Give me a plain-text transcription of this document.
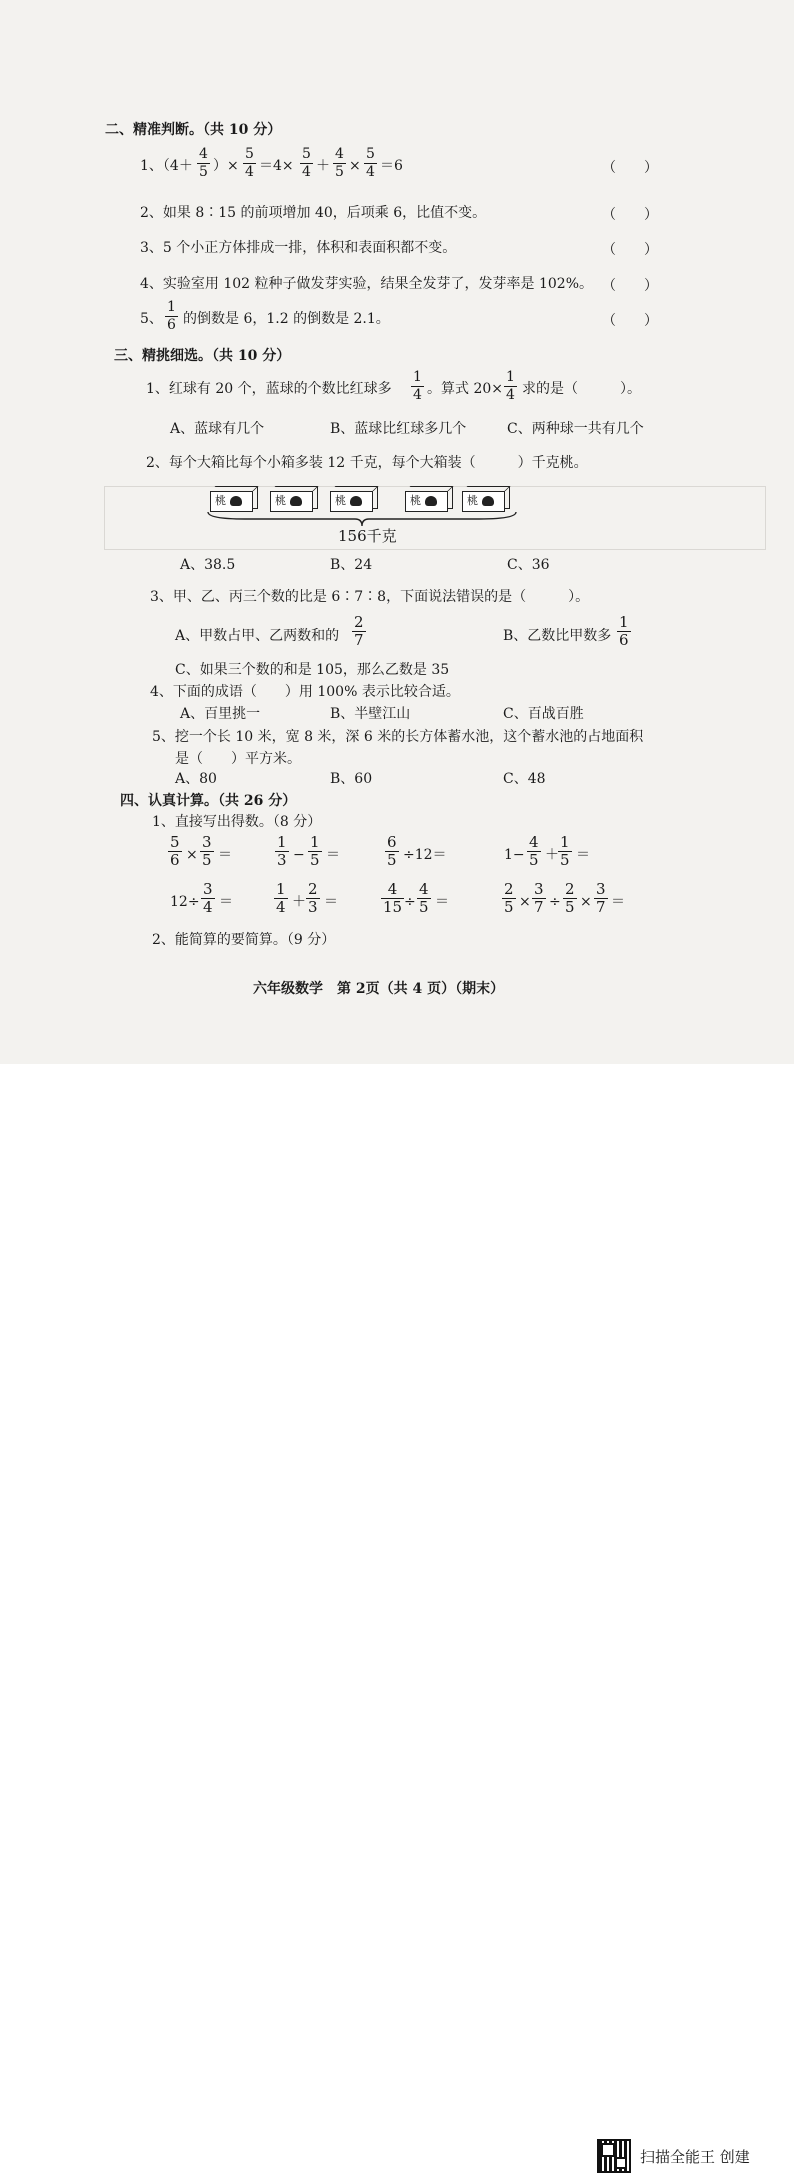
二、精准判断。（共 10 分）
1、（$4+ \frac{4}{5}$ ）× $\frac{5}{4} =4\times \frac{5}{4} + \frac{4}{5} \times \frac{5}{4} =6$	（　　）
2、如果 8∶15 的前项增加 40，后项乘 6，比值不变。	（　　）
3、5 个小正方体排成一排，体积和表面积都不变。	（　　）
4、实验室用 102 粒种子做发芽实验，结果全发芽了，发芽率是 102%。 （　　）
5、 $\frac{1}{6}$ 的倒数是 6，1.2 的倒数是 2.1。	（　　）
三、精挑细选。（共 10 分）
1、红球有 20 个，蓝球的个数比红球多 $\frac{1}{4}$ 。算式 $20\times \frac{1}{4}$ 求的是（　　　）。
A、蓝球有几个	B、蓝球比红球多几个	C、两种球一共有几个
2、每个大箱比每个小箱多装 12 千克，每个大箱装（　　　）千克桃。
桃	桃	桃	桃	桃
156千克
A、38.5	B、24	C、36
3、甲、乙、丙三个数的比是 6∶7∶8，下面说法错误的是（　　　）。
A、甲数占甲、乙两数和的 $\frac{2}{7}$	B、乙数比甲数多 $\frac{1}{6}$
C、如果三个数的和是 105，那么乙数是 35
4、下面的成语（　　）用 100% 表示比较合适。
A、百里挑一	B、半壁江山	C、百战百胜
5、挖一个长 10 米，宽 8 米，深 6 米的长方体蓄水池，这个蓄水池的占地面积
是（　　）平方米。
A、80	B、60	C、48
四、认真计算。（共 26 分）
1、直接写出得数。（8 分）
$\frac{5}{6} \times \frac{3}{5}$ ＝	$\frac{1}{3} - \frac{1}{5}$ ＝	$\frac{6}{5} \div 12=$	$1- \frac{4}{5} + \frac{1}{5}$ ＝
$12\div \frac{3}{4}$ ＝	$\frac{1}{4} + \frac{2}{3}$ ＝	$\frac{4}{15} \div \frac{4}{5}$ ＝	$\frac{2}{5} \times \frac{3}{7} \div \frac{2}{5} \times \frac{3}{7}$ ＝
2、能简算的要简算。（9 分）
六年级数学　第 2页（共 4 页）（期末）
扫描全能王 创建
